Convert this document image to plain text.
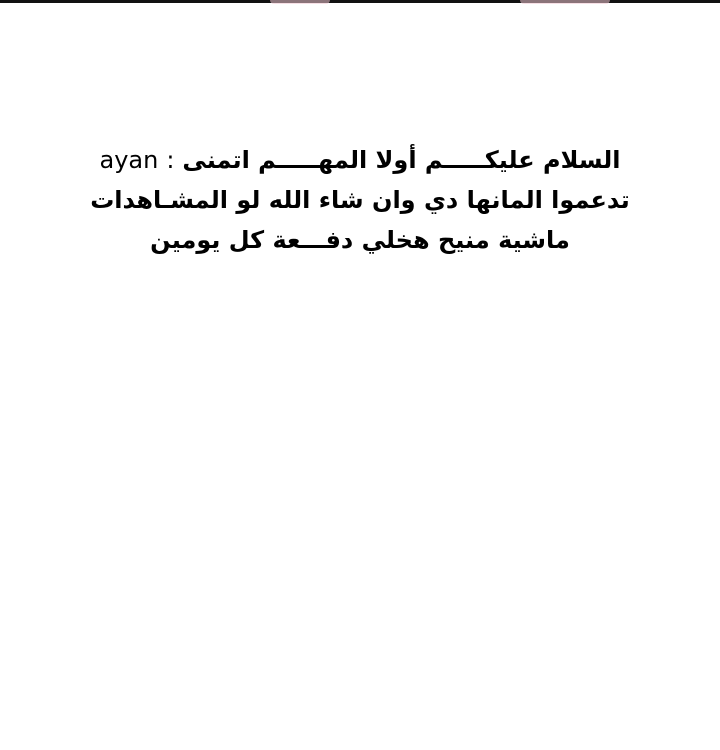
ayan : السلام عليكـــــم أولا المهـــــم اتمنى
تدعموا المانها دي وان شاء الله لو المشـاهدات
ماشية منيح هخلي دفـــعة كل يومين
